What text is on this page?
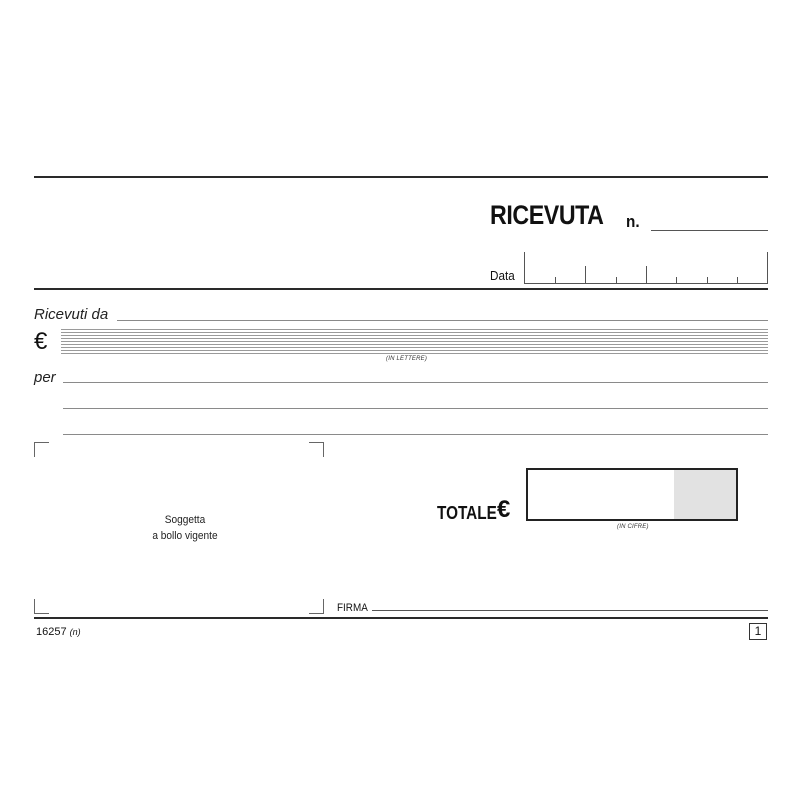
RICEVUTA n.
Data
Ricevuti da
€
(IN LETTERE)
per
Soggetta
a bollo vigente
TOTALE €
(IN CIFRE)
FIRMA
16257 (n)	1
